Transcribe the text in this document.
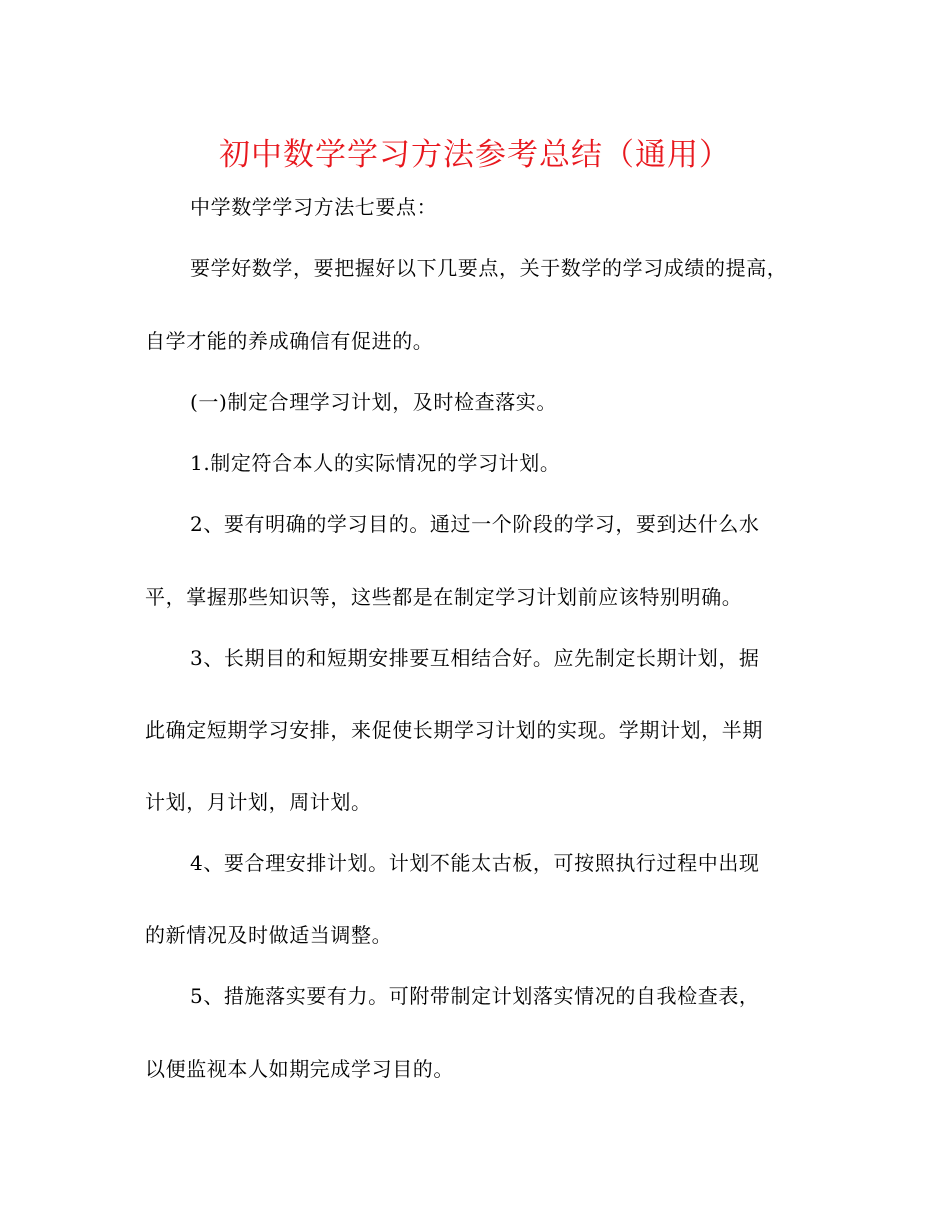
初中数学学习方法参考总结（通用）
中学数学学习方法七要点：
要学好数学，要把握好以下几要点，关于数学的学习成绩的提高，
自学才能的养成确信有促进的。
(一)制定合理学习计划，及时检查落实。
1.制定符合本人的实际情况的学习计划。
2、要有明确的学习目的。通过一个阶段的学习，要到达什么水
平，掌握那些知识等，这些都是在制定学习计划前应该特别明确。
3、长期目的和短期安排要互相结合好。应先制定长期计划，据
此确定短期学习安排，来促使长期学习计划的实现。学期计划，半期
计划，月计划，周计划。
4、要合理安排计划。计划不能太古板，可按照执行过程中出现
的新情况及时做适当调整。
5、措施落实要有力。可附带制定计划落实情况的自我检查表，
以便监视本人如期完成学习目的。
